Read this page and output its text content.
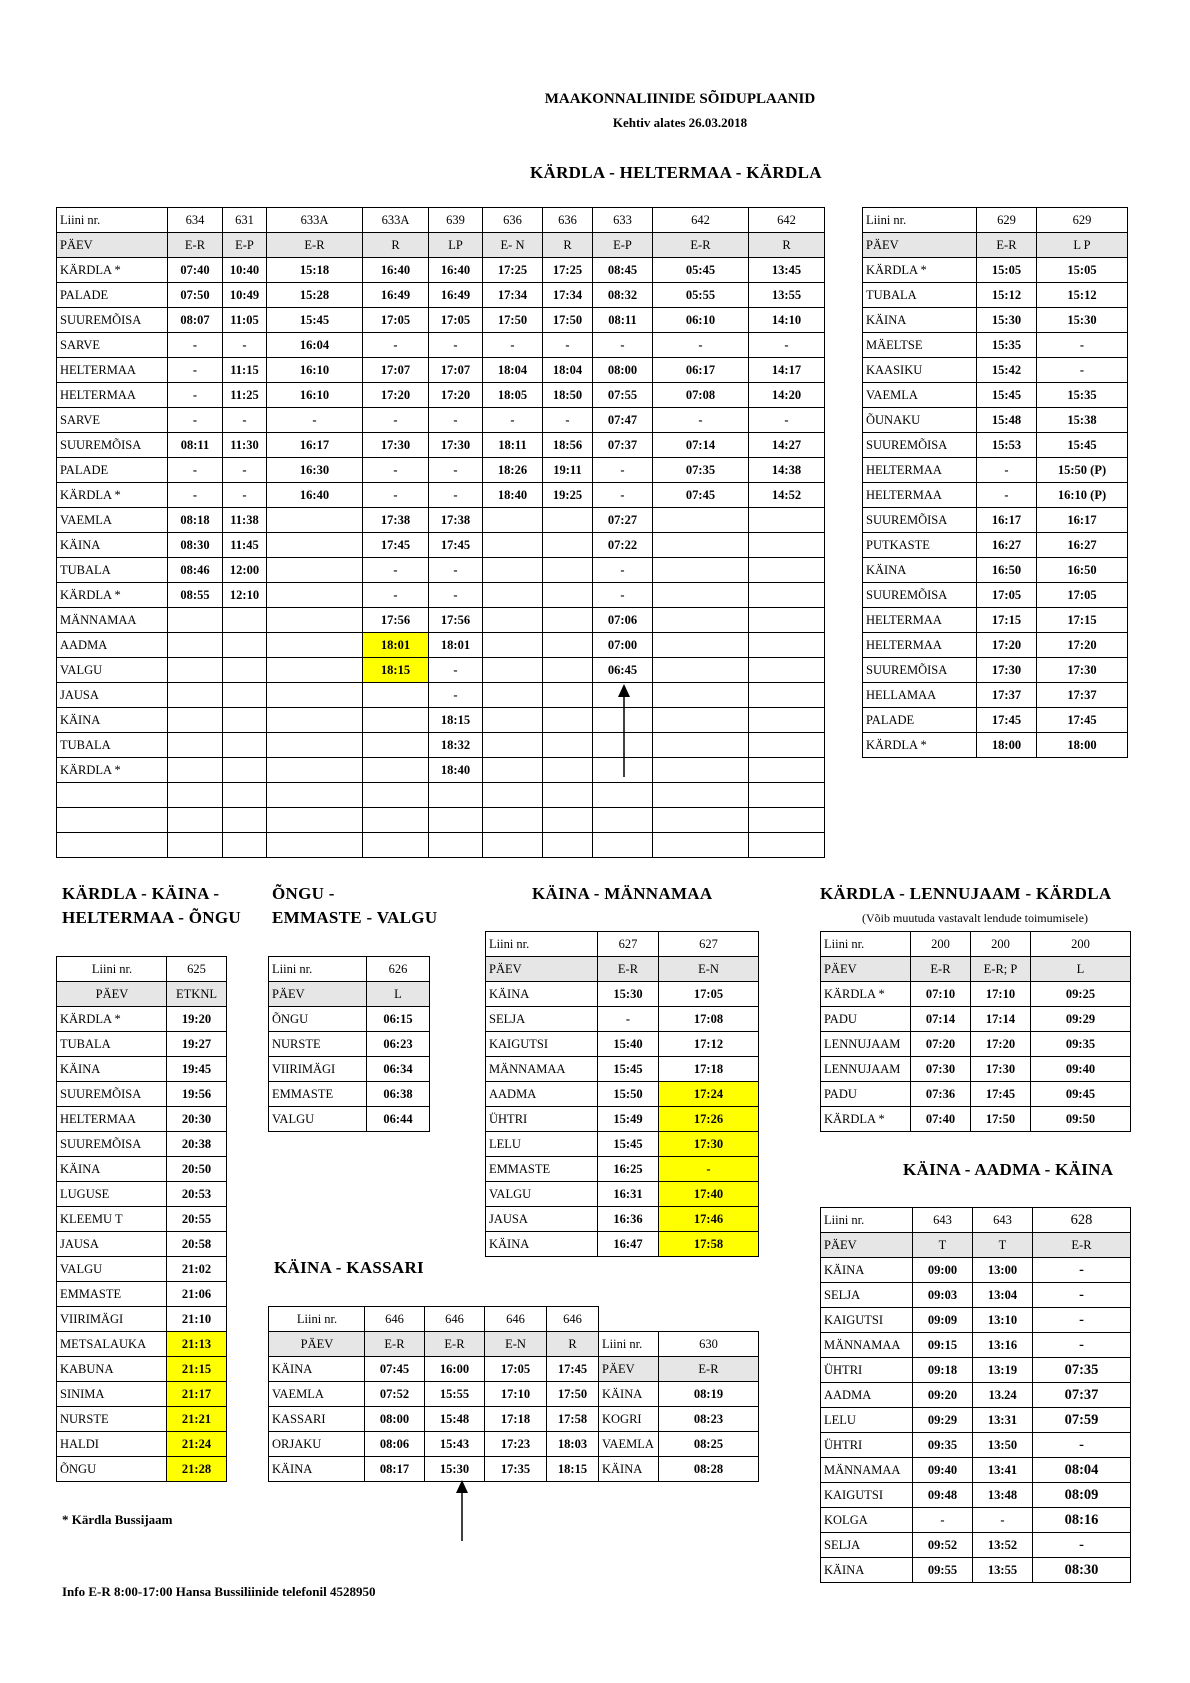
MAAKONNALIINIDE SÕIDUPLAANID
Kehtiv alates 26.03.2018
KÄRDLA - HELTERMAA - KÄRDLA
Liini nr.	634	631	633A	633A	639	636	636	633	642	642
PÄEV	E-R	E-P	E-R	R	LP	E- N	R	E-P	E-R	R
KÄRDLA *	07:40	10:40	15:18	16:40	16:40	17:25	17:25	08:45	05:45	13:45
PALADE	07:50	10:49	15:28	16:49	16:49	17:34	17:34	08:32	05:55	13:55
SUUREMÕISA	08:07	11:05	15:45	17:05	17:05	17:50	17:50	08:11	06:10	14:10
SARVE	-	-	16:04	-	-	-	-	-	-	-
HELTERMAA	-	11:15	16:10	17:07	17:07	18:04	18:04	08:00	06:17	14:17
HELTERMAA	-	11:25	16:10	17:20	17:20	18:05	18:50	07:55	07:08	14:20
SARVE	-	-	-	-	-	-	-	07:47	-	-
SUUREMÕISA	08:11	11:30	16:17	17:30	17:30	18:11	18:56	07:37	07:14	14:27
PALADE	-	-	16:30	-	-	18:26	19:11	-	07:35	14:38
KÄRDLA *	-	-	16:40	-	-	18:40	19:25	-	07:45	14:52
VAEMLA	08:18	11:38		17:38	17:38			07:27		
KÄINA	08:30	11:45		17:45	17:45			07:22		
TUBALA	08:46	12:00		-	-			-		
KÄRDLA *	08:55	12:10		-	-			-		
MÄNNAMAA				17:56	17:56			07:06		
AADMA				18:01	18:01			07:00		
VALGU				18:15	-			06:45		
JAUSA					-					
KÄINA					18:15					
TUBALA					18:32					
KÄRDLA *					18:40					

Liini nr.	629	629
PÄEV	E-R	L P
KÄRDLA *	15:05	15:05
TUBALA	15:12	15:12
KÄINA	15:30	15:30
MÄELTSE	15:35	-
KAASIKU	15:42	-
VAEMLA	15:45	15:35
ÕUNAKU	15:48	15:38
SUUREMÕISA	15:53	15:45
HELTERMAA	-	15:50 (P)
HELTERMAA	-	16:10 (P)
SUUREMÕISA	16:17	16:17
PUTKASTE	16:27	16:27
KÄINA	16:50	16:50
SUUREMÕISA	17:05	17:05
HELTERMAA	17:15	17:15
HELTERMAA	17:20	17:20
SUUREMÕISA	17:30	17:30
HELLAMAA	17:37	17:37
PALADE	17:45	17:45
KÄRDLA *	18:00	18:00
KÄRDLA - KÄINA -
HELTERMAA - ÕNGU
ÕNGU -
EMMASTE - VALGU
KÄINA - MÄNNAMAA	KÄRDLA - LENNUJAAM - KÄRDLA
(Võib muutuda vastavalt lendude toimumisele)
Liini nr.	625
PÄEV	ETKNL
KÄRDLA *	19:20
TUBALA	19:27
KÄINA	19:45
SUUREMÕISA	19:56
HELTERMAA	20:30
SUUREMÕISA	20:38
KÄINA	20:50
LUGUSE	20:53
KLEEMU T	20:55
JAUSA	20:58
VALGU	21:02
EMMASTE	21:06
VIIRIMÄGI	21:10
METSALAUKA	21:13
KABUNA	21:15
SINIMA	21:17
NURSTE	21:21
HALDI	21:24
ÕNGU	21:28
Liini nr.	626
PÄEV	L
ÕNGU	06:15
NURSTE	06:23
VIIRIMÄGI	06:34
EMMASTE	06:38
VALGU	06:44
Liini nr.	627	627
PÄEV	E-R	E-N
KÄINA	15:30	17:05
SELJA	-	17:08
KAIGUTSI	15:40	17:12
MÄNNAMAA	15:45	17:18
AADMA	15:50	17:24
ÜHTRI	15:49	17:26
LELU	15:45	17:30
EMMASTE	16:25	-
VALGU	16:31	17:40
JAUSA	16:36	17:46
KÄINA	16:47	17:58
Liini nr.	200	200	200
PÄEV	E-R	E-R; P	L
KÄRDLA *	07:10	17:10	09:25
PADU	07:14	17:14	09:29
LENNUJAAM	07:20	17:20	09:35
LENNUJAAM	07:30	17:30	09:40
PADU	07:36	17:45	09:45
KÄRDLA *	07:40	17:50	09:50
KÄINA - AADMA - KÄINA
KÄINA - KASSARI
Liini nr.	646	646	646	646
PÄEV	E-R	E-R	E-N	R
KÄINA	07:45	16:00	17:05	17:45
VAEMLA	07:52	15:55	17:10	17:50
KASSARI	08:00	15:48	17:18	17:58
ORJAKU	08:06	15:43	17:23	18:03
KÄINA	08:17	15:30	17:35	18:15
Liini nr.	630
PÄEV	E-R
KÄINA	08:19
KOGRI	08:23
VAEMLA	08:25
KÄINA	08:28
Liini nr.	643	643	628
PÄEV	T	T	E-R
KÄINA	09:00	13:00	-
SELJA	09:03	13:04	-
KAIGUTSI	09:09	13:10	-
MÄNNAMAA	09:15	13:16	-
ÜHTRI	09:18	13:19	07:35
AADMA	09:20	13.24	07:37
LELU	09:29	13:31	07:59
ÜHTRI	09:35	13:50	-
MÄNNAMAA	09:40	13:41	08:04
KAIGUTSI	09:48	13:48	08:09
KOLGA	-	-	08:16
SELJA	09:52	13:52	-
KÄINA	09:55	13:55	08:30
* Kärdla Bussijaam
Info E-R 8:00-17:00 Hansa Bussiliinide telefonil 4528950
